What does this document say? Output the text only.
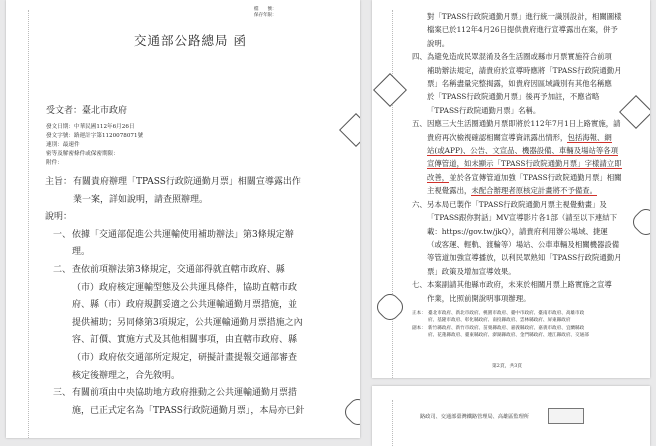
檔　　號：
保存年限：
交通部公路總局 函
受文者：臺北市政府
發文日期：中華民國112年6月26日
發文字號：路運計字第1120078071號
速別：最速件
密等及解密條件或保密期限：
附件：
主旨： 有關貴府辦理「TPASS行政院通勤月票」相關宣導露出作
業一案，詳如說明，請查照辦理。
說明：
一、 依據「交通部促進公共運輸使用補助辦法」第3條規定辦
理。
二、 查依前項辦法第3條規定，交通部得就直轄市政府、縣
（市）政府核定運輸型態及公共運具條件，協助直轄市政
府、縣（市）政府規劃妥適之公共運輸通勤月票措施，並
提供補助；另同條第3項規定，公共運輸通勤月票措施之內
容、訂價、實施方式及其他相關事項，由直轄市政府、縣
（市）政府依交通部所定規定，研擬計畫提報交通部審查
核定後辦理之，合先敘明。
三、 有關前項由中央協助地方政府推動之公共運輸通勤月票措
施，已正式定名為「TPASS行政院通勤月票」，本局亦已針
對「TPASS行政院通勤月票」進行統一識別設計，相關圖樣
檔案已於112年4月26日提供貴府進行宣導露出在案，併予
說明。
四、 為避免造成民眾混淆及各生活圈或縣市月票實施符合前項
補助辦法規定，請貴府於宣導時應將「TPASS行政院通勤月
票」名稱盡量完整揭露，如貴府因區域識別有其他名稱應
於「TPASS行政院通勤月票」後再予加註，不應省略
「TPASS行政院通勤月票」名稱。
五、 因應三大生活圈通勤月票即將於112年7月1日上路實施，請
貴府再次檢視確認相關宣導資訊露出情形，包括海報、網
站(或APP)、公告、文宣品、機器設備、車輛及場站等各項
宣傳管道，如未顯示「TPASS行政院通勤月票」字樣請立即
改善，並於各宣傳管道加強「TPASS行政院通勤月票」相關
主視覺露出，未配合辦理者原核定計畫將不予備查。
六、 另本局已製作「TPASS行政院通勤月票主視覺動畫」及
「TPASS跟你對話」MV宣導影片各1部（請至以下連結下
載：https://gov.tw/jkQ），請貴府利用辦公場域、捷運
（或客運、輕軌、渡輪等）場站、公車車輛及相關機器設備
等管道加強宣導播放，以利民眾熟知「TPASS行政院通勤月
票」政策及增加宣導效果。
七、 本案副請其他縣市政府，未來於相關月票上路實施之宣導
作業，比照前開說明事項辦理。
正本： 臺北市政府、新北市政府、桃園市政府、臺中市政府、臺南市政府、高雄市政
府、基隆市政府、彰化縣政府、南投縣政府、雲林縣政府、屏東縣政府
副本： 新竹縣政府、新竹市政府、苗栗縣政府、嘉義縣政府、嘉義市政府、宜蘭縣政
府、花蓮縣政府、臺東縣政府、澎湖縣政府、金門縣政府、連江縣政府、交通部
第2頁，共3頁
路政司、交通部臺灣鐵路管理局、高雄區監理所
